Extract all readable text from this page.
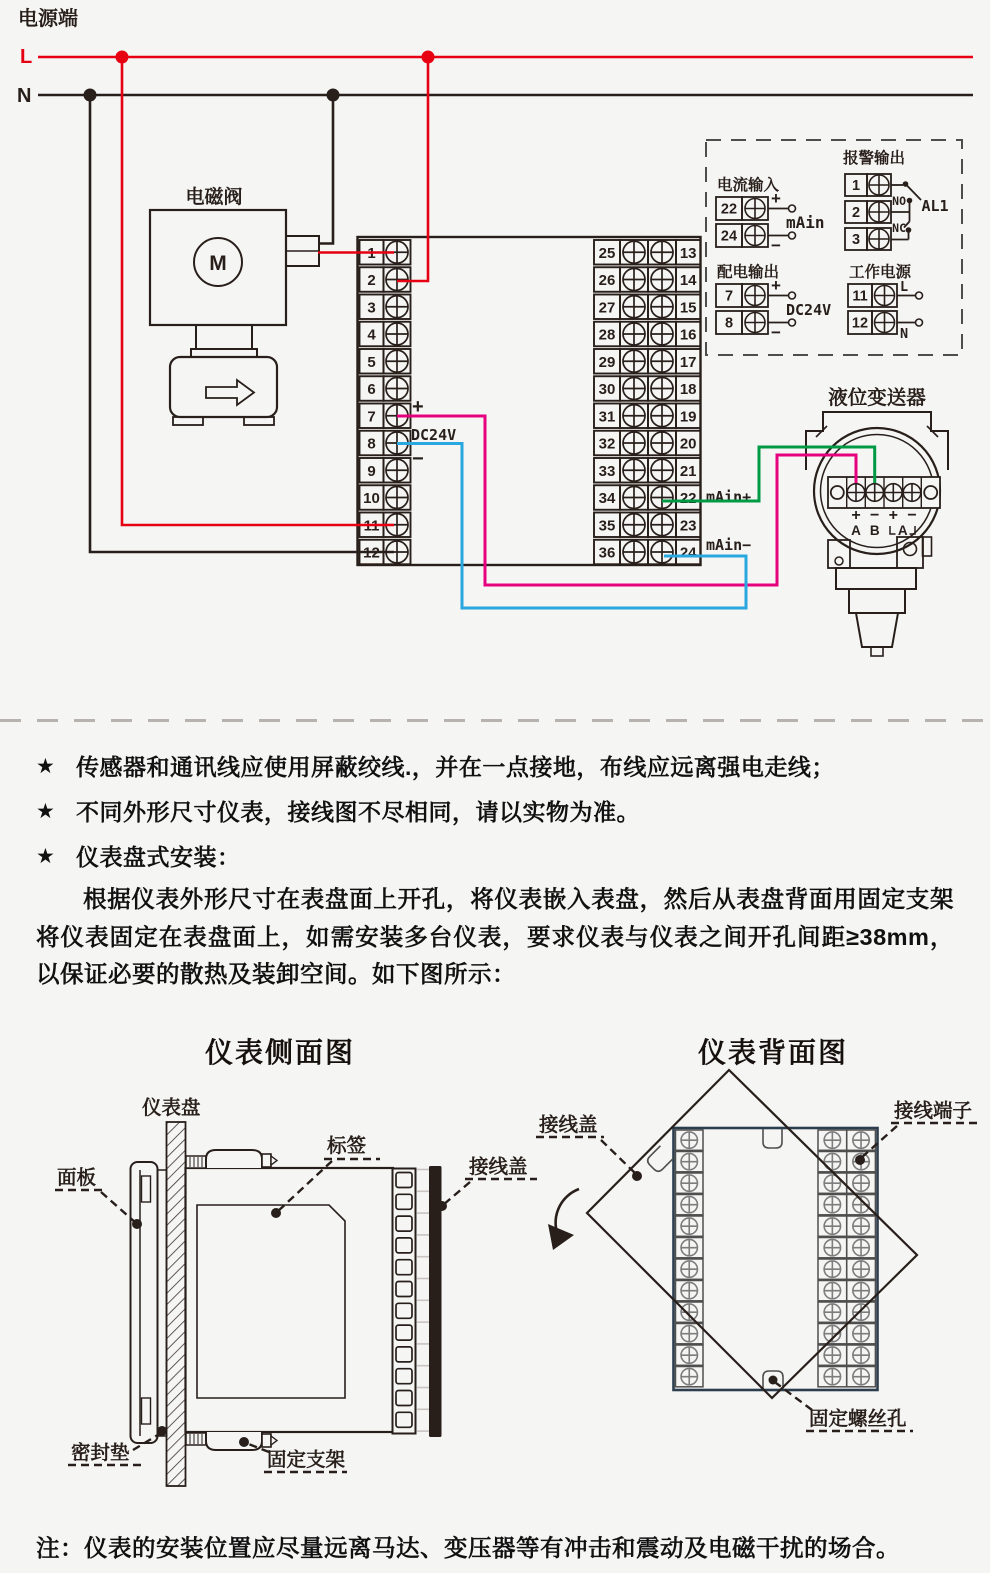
电源端
L
N
电磁阀
M	1	25	13
2	26	14
3	27	15
4	28	16
5	29	17
6	30	18
7	31	19
8	32	20
9	33	21
10	34	22
11	35	23
12	36	24
+
DC24V
−
mAin+
mAin−
电流输入
22
24
+
−
mAin
报警输出
1
2
3
NO
NC
AL1
配电输出
7
8
+
−
DC24V
工作电源
11
12
L
N
液位变送器
+ − + −
A B A
★ 传感器和通讯线应使用屏蔽绞线.，并在一点接地，布线应远离强电走线；
★ 不同外形尺寸仪表，接线图不尽相同，请以实物为准。
★ 仪表盘式安装：

根据仪表外形尺寸在表盘面上开孔，将仪表嵌入表盘，然后从表盘背面用固定支架将仪表固定在表盘面上，如需安装多台仪表，要求仪表与仪表之间开孔间距≥38mm，以保证必要的散热及装卸空间。如下图所示：

仪表侧面图	仪表背面图
仪表盘
标签
接线盖
面板
密封垫	固定支架
接线盖
接线端子
固定螺丝孔
注：仪表的安装位置应尽量远离马达、变压器等有冲击和震动及电磁干扰的场合。
